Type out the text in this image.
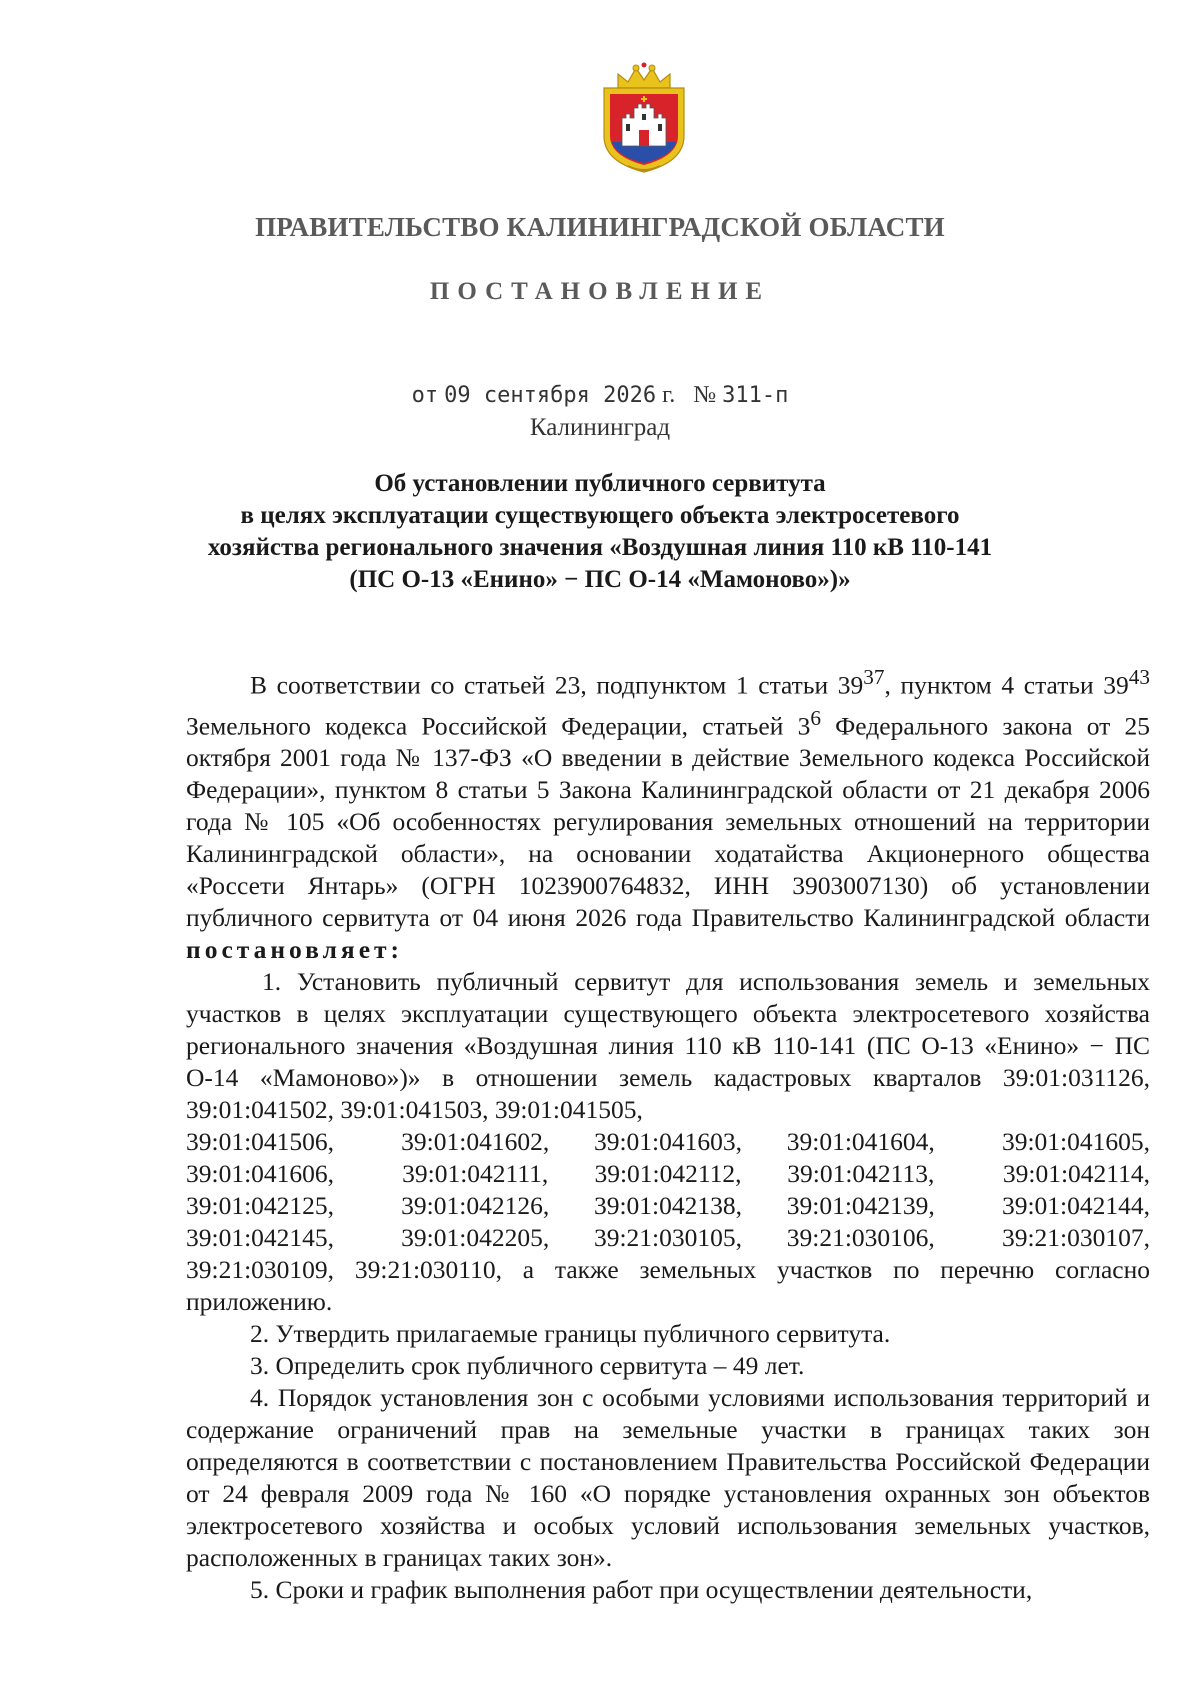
ПРАВИТЕЛЬСТВО КАЛИНИНГРАДСКОЙ ОБЛАСТИ
ПОСТАНОВЛЕНИЕ
от 09 сентября 2026 г. № 311-п
Калининград
Об установлении публичного сервитута
в целях эксплуатации существующего объекта электросетевого
хозяйства регионального значения «Воздушная линия 110 кВ 110-141
(ПС О-13 «Енино» − ПС О-14 «Мамоново»)»

В соответствии со статьей 23, подпунктом 1 статьи $39^{37}$, пунктом 4 статьи $39^{43}$ Земельного кодекса Российской Федерации, статьей $3^6$ Федерального закона от 25 октября 2001 года № 137-ФЗ «О введении в действие Земельного кодекса Российской Федерации», пунктом 8 статьи 5 Закона Калининградской области от 21 декабря 2006 года № 105 «Об особенностях регулирования земельных отношений на территории Калининградской области», на основании ходатайства Акционерного общества «Россети Янтарь» (ОГРН 1023900764832, ИНН 3903007130) об установлении публичного сервитута от 04 июня 2026 года Правительство Калининградской области постановляет:

1. Установить публичный сервитут для использования земель и земельных участков в целях эксплуатации существующего объекта электросетевого хозяйства регионального значения «Воздушная линия 110 кВ 110-141 (ПС О-13 «Енино» − ПС О-14 «Мамоново»)» в отношении земель кадастровых кварталов 39:01:031126, 39:01:041502, 39:01:041503, 39:01:041505,

39:01:041506,	39:01:041602,	39:01:041603,	39:01:041604,	39:01:041605,
39:01:041606,	39:01:042111,	39:01:042112,	39:01:042113,	39:01:042114,
39:01:042125,	39:01:042126,	39:01:042138,	39:01:042139,	39:01:042144,
39:01:042145,	39:01:042205,	39:21:030105,	39:21:030106,	39:21:030107,

39:21:030109, 39:21:030110, а также земельных участков по перечню согласно приложению.

2. Утвердить прилагаемые границы публичного сервитута.

3. Определить срок публичного сервитута – 49 лет.

4. Порядок установления зон с особыми условиями использования территорий и содержание ограничений прав на земельные участки в границах таких зон определяются в соответствии с постановлением Правительства Российской Федерации от 24 февраля 2009 года № 160 «О порядке установления охранных зон объектов электросетевого хозяйства и особых условий использования земельных участков, расположенных в границах таких зон».

5. Сроки и график выполнения работ при осуществлении деятельности,
